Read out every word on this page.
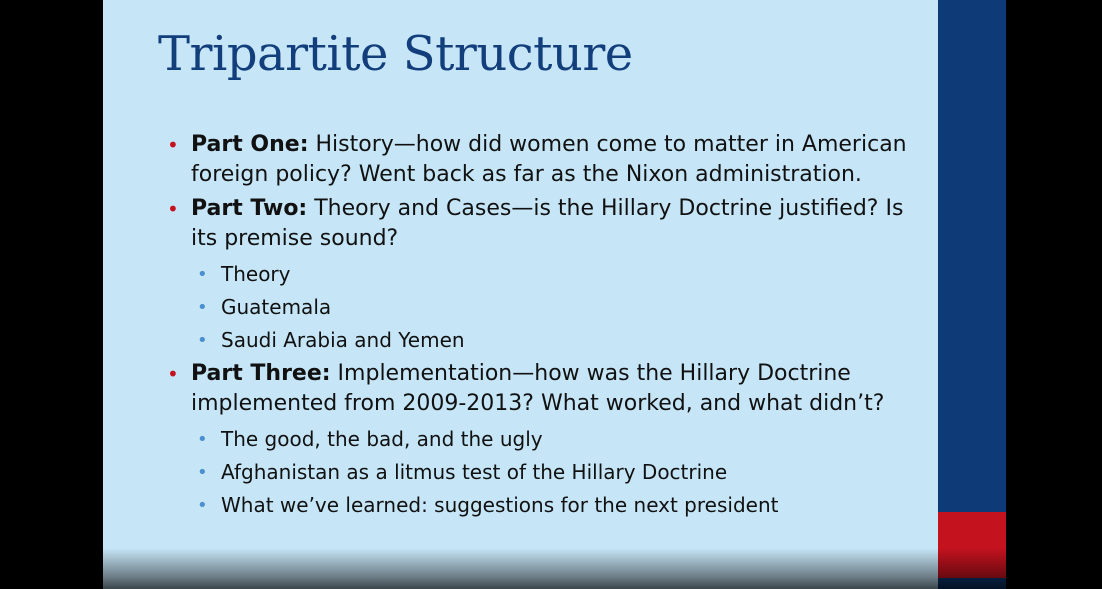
Tripartite Structure
• Part One: History—how did women come to matter in American foreign policy? Went back as far as the Nixon administration.
• Part Two: Theory and Cases—is the Hillary Doctrine justified? Is its premise sound?
• Theory
• Guatemala
• Saudi Arabia and Yemen
• Part Three: Implementation—how was the Hillary Doctrine implemented from 2009-2013? What worked, and what didn’t?
• The good, the bad, and the ugly
• Afghanistan as a litmus test of the Hillary Doctrine
• What we’ve learned: suggestions for the next president
